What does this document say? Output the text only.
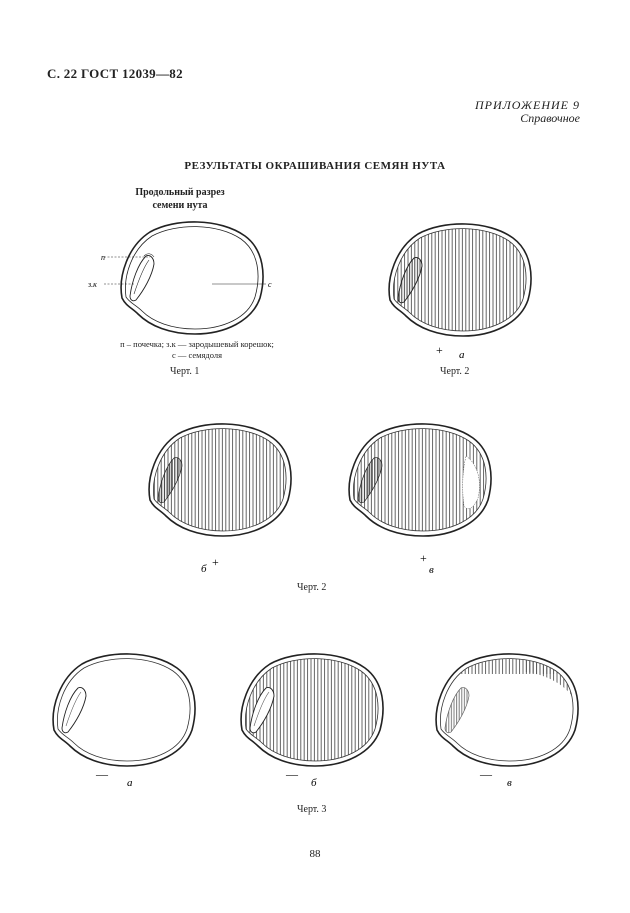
С. 22 ГОСТ 12039—82
ПРИЛОЖЕНИЕ 9
Справочное
РЕЗУЛЬТАТЫ ОКРАШИВАНИЯ СЕМЯН НУТА
Продольный разрез
семени нута
п
з.к	с
+ а
+
б
+
в
—
а
—
б
—
в
п – почечка; з.к — зародышевый корешок;
с — семядоля
Черт. 1	Черт. 2
Черт. 2
Черт. 3
88
